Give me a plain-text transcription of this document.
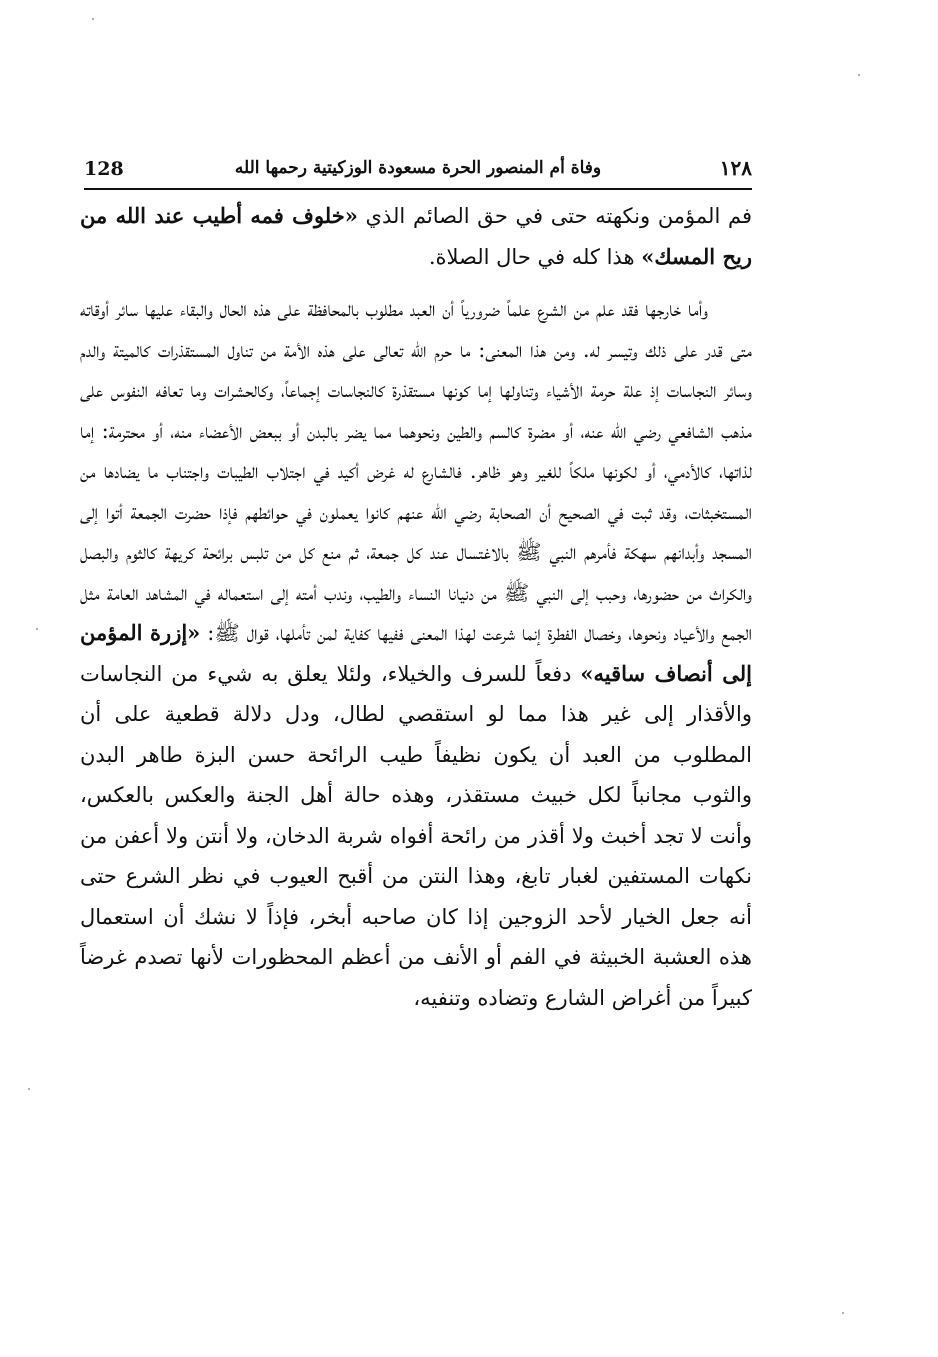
128	وفاة أم المنصور الحرة مسعودة الوزكيتية رحمها الله	١٢٨

فم المؤمن ونكهته حتى في حق الصائم الذي «خلوف فمه أطيب عند الله من ريح المسك» هذا كله في حال الصلاة.

وأما خارجها فقد علم من الشرع علماً ضرورياً أن العبد مطلوب بالمحافظة على هذه الحال والبقاء عليها سائر أوقاته متى قدر على ذلك وتيسر له. ومن هذا المعنى: ما حرم الله تعالى على هذه الأمة من تناول المستقذرات كالميتة والدم وسائر النجاسات إذ علة حرمة الأشياء وتناولها إما كونها مستقذرة كالنجاسات إجماعاً، وكالحشرات وما تعافه النفوس على مذهب الشافعي رضي الله عنه، أو مضرة كالسم والطين ونحوهما مما يضر بالبدن أو ببعض الأعضاء منه، أو محترمة: إما لذاتها، كالأدمي، أو لكونها ملكاً للغير وهو ظاهر. فالشارع له غرض أكيد في اجتلاب الطيبات واجتناب ما يضادها من المستخبثات، وقد ثبت في الصحيح أن الصحابة رضي الله عنهم كانوا يعملون في حوائطهم فإذا حضرت الجمعة أتوا إلى المسجد وأبدانهم سهكة فأمرهم النبي ﷺ بالاغتسال عند كل جمعة، ثم منع كل من تلبس برائحة كريهة كالثوم والبصل والكراث من حضورها، وحبب إلى النبي ﷺ من دنيانا النساء والطيب، وندب أمته إلى استعماله في المشاهد العامة مثل الجمع والأعياد ونحوها، وخصال الفطرة إنما شرعت لهذا المعنى ففيها كفاية لمن تأملها، قوال ﷺ: «إزرة المؤمن إلى أنصاف ساقيه» دفعاً للسرف والخيلاء، ولئلا يعلق به شيء من النجاسات والأقذار إلى غير هذا مما لو استقصي لطال، ودل دلالة قطعية على أن المطلوب من العبد أن يكون نظيفاً طيب الرائحة حسن البزة طاهر البدن والثوب مجانباً لكل خبيث مستقذر، وهذه حالة أهل الجنة والعكس بالعكس، وأنت لا تجد أخبث ولا أقذر من رائحة أفواه شربة الدخان، ولا أنتن ولا أعفن من نكهات المستفين لغبار تابغ، وهذا النتن من أقبح العيوب في نظر الشرع حتى أنه جعل الخيار لأحد الزوجين إذا كان صاحبه أبخر، فإذاً لا نشك أن استعمال هذه العشبة الخبيثة في الفم أو الأنف من أعظم المحظورات لأنها تصدم غرضاً كبيراً من أغراض الشارع وتضاده وتنفيه،
